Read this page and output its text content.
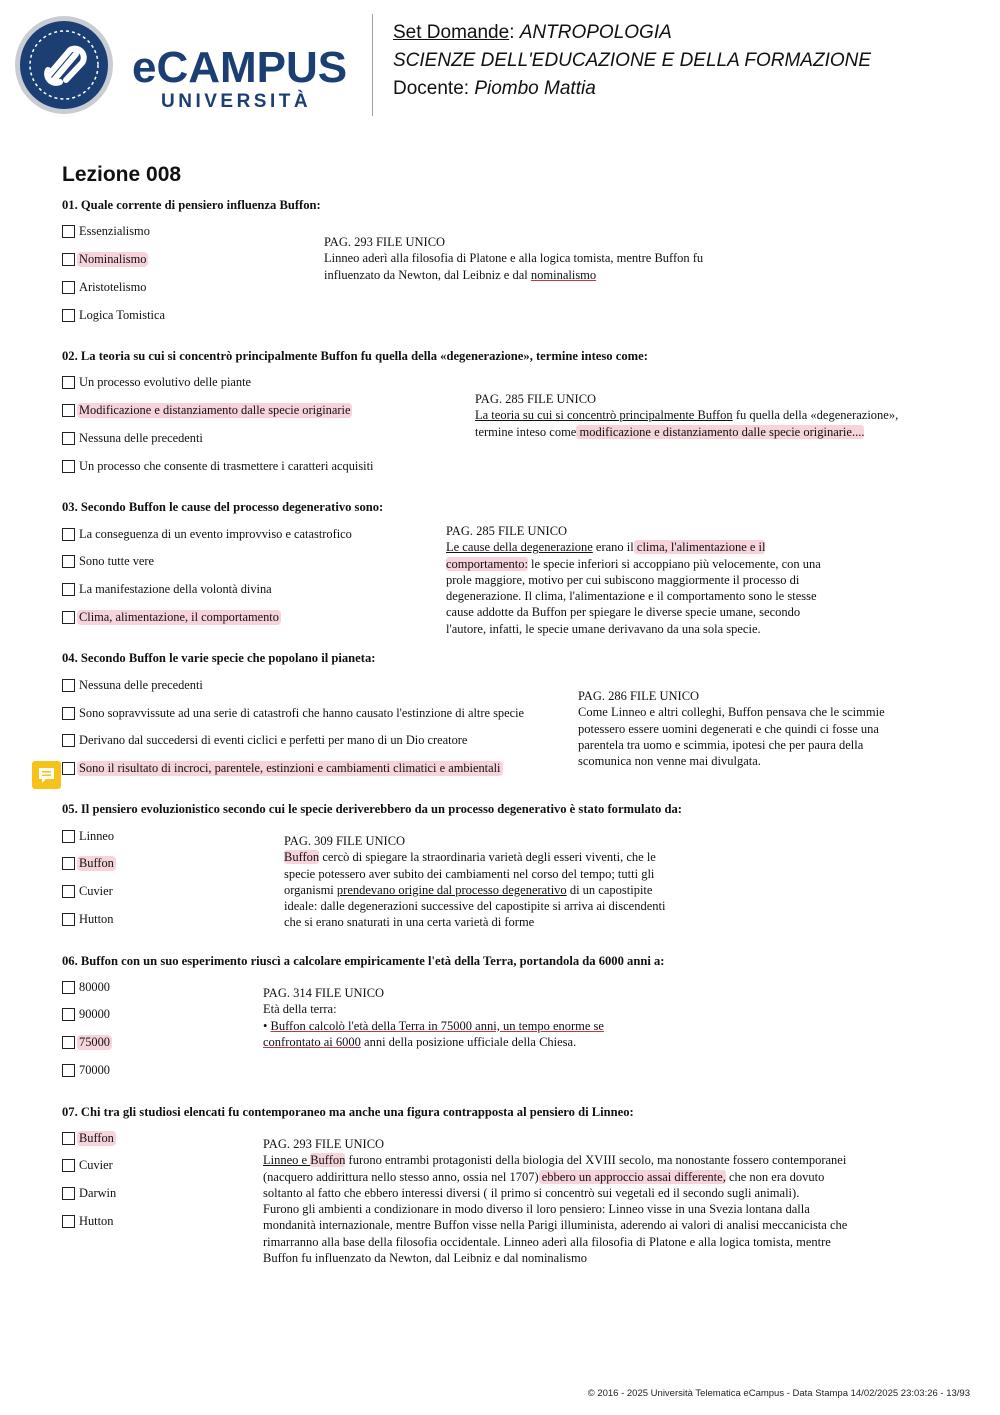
eCAMPUS
UNIVERSITÀ
Set Domande: ANTROPOLOGIA
SCIENZE DELL'EDUCAZIONE E DELLA FORMAZIONE
Docente: Piombo Mattia
Lezione 008
01. Quale corrente di pensiero influenza Buffon:
Essenzialismo
Nominalismo
Aristotelismo
Logica Tomistica
PAG. 293 FILE UNICO
Linneo aderì alla filosofia di Platone e alla logica tomista, mentre Buffon fu
influenzato da Newton, dal Leibniz e dal nominalismo
02. La teoria su cui si concentrò principalmente Buffon fu quella della «degenerazione», termine inteso come:
Un processo evolutivo delle piante
Modificazione e distanziamento dalle specie originarie
Nessuna delle precedenti
Un processo che consente di trasmettere i caratteri acquisiti
PAG. 285 FILE UNICO
La teoria su cui si concentrò principalmente Buffon fu quella della «degenerazione»,
termine inteso come modificazione e distanziamento dalle specie originarie....
03. Secondo Buffon le cause del processo degenerativo sono:
La conseguenza di un evento improvviso e catastrofico
Sono tutte vere
La manifestazione della volontà divina
Clima, alimentazione, il comportamento
PAG. 285 FILE UNICO
Le cause della degenerazione erano il clima, l'alimentazione e il
comportamento: le specie inferiori si accoppiano più velocemente, con una
prole maggiore, motivo per cui subiscono maggiormente il processo di
degenerazione. Il clima, l'alimentazione e il comportamento sono le stesse
cause addotte da Buffon per spiegare le diverse specie umane, secondo
l'autore, infatti, le specie umane derivavano da una sola specie.
04. Secondo Buffon le varie specie che popolano il pianeta:
Nessuna delle precedenti
Sono sopravvissute ad una serie di catastrofi che hanno causato l'estinzione di altre specie
Derivano dal succedersi di eventi ciclici e perfetti per mano di un Dio creatore
Sono il risultato di incroci, parentele, estinzioni e cambiamenti climatici e ambientali
PAG. 286 FILE UNICO
Come Linneo e altri colleghi, Buffon pensava che le scimmie
potessero essere uomini degenerati e che quindi ci fosse una
parentela tra uomo e scimmia, ipotesi che per paura della
scomunica non venne mai divulgata.
05. Il pensiero evoluzionistico secondo cui le specie deriverebbero da un processo degenerativo è stato formulato da:
Linneo
Buffon
Cuvier
Hutton
PAG. 309 FILE UNICO
Buffon cercò di spiegare la straordinaria varietà degli esseri viventi, che le
specie potessero aver subito dei cambiamenti nel corso del tempo; tutti gli
organismi prendevano origine dal processo degenerativo di un capostipite
ideale: dalle degenerazioni successive del capostipite si arriva ai discendenti
che si erano snaturati in una certa varietà di forme
06. Buffon con un suo esperimento riuscì a calcolare empiricamente l'età della Terra, portandola da 6000 anni a:
80000
90000
75000
70000
PAG. 314 FILE UNICO
Età della terra:
• Buffon calcolò l'età della Terra in 75000 anni, un tempo enorme se
confrontato ai 6000 anni della posizione ufficiale della Chiesa.
07. Chi tra gli studiosi elencati fu contemporaneo ma anche una figura contrapposta al pensiero di Linneo:
Buffon
Cuvier
Darwin
Hutton
PAG. 293 FILE UNICO
Linneo e Buffon furono entrambi protagonisti della biologia del XVIII secolo, ma nonostante fossero contemporanei
(nacquero addirittura nello stesso anno, ossia nel 1707) ebbero un approccio assai differente, che non era dovuto
soltanto al fatto che ebbero interessi diversi ( il primo si concentrò sui vegetali ed il secondo sugli animali).
Furono gli ambienti a condizionare in modo diverso il loro pensiero: Linneo visse in una Svezia lontana dalla
mondanità internazionale, mentre Buffon visse nella Parigi illuminista, aderendo ai valori di analisi meccanicista che
rimarranno alla base della filosofia occidentale. Linneo aderì alla filosofia di Platone e alla logica tomista, mentre
Buffon fu influenzato da Newton, dal Leibniz e dal nominalismo
© 2016 - 2025 Università Telematica eCampus - Data Stampa 14/02/2025 23:03:26 - 13/93
